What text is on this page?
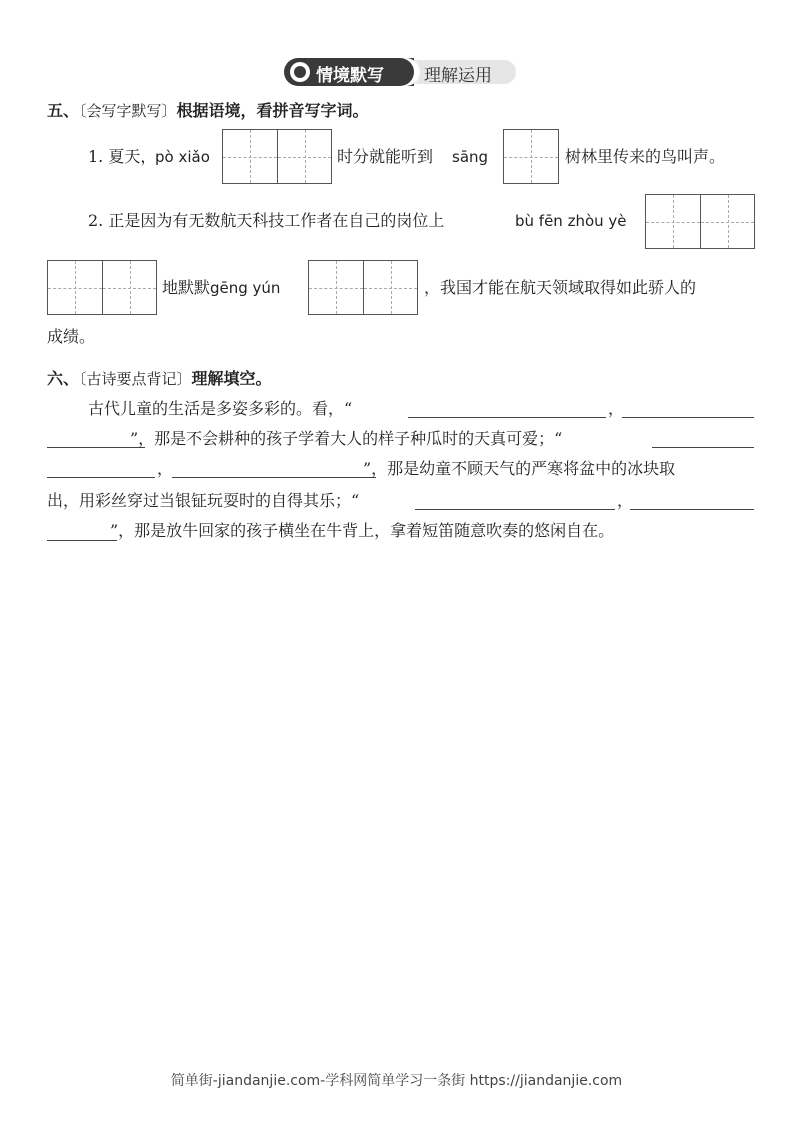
情境默写 理解运用
五、〔会写字默写〕根据语境，看拼音写字词。
1. 夏天，
pò xiǎo	时分就能听到 sāng	树林里传来的鸟叫声。
2. 正是因为有无数航天科技工作者在自己的岗位上	bù fēn zhòu yè
地默默 gēng yún	，我国才能在航天领域取得如此骄人的
成绩。
六、〔古诗要点背记〕理解填空。
古代儿童的生活是多姿多彩的。看，“	，
”，那是不会耕种的孩子学着大人的样子种瓜时的天真可爱；“
，	”，那是幼童不顾天气的严寒将盆中的冰块取
出，用彩丝穿过当银钲玩耍时的自得其乐；“	，
”，那是放牛回家的孩子横坐在牛背上，拿着短笛随意吹奏的悠闲自在。
简单街-jiandanjie.com-学科网简单学习一条街 https://jiandanjie.com
